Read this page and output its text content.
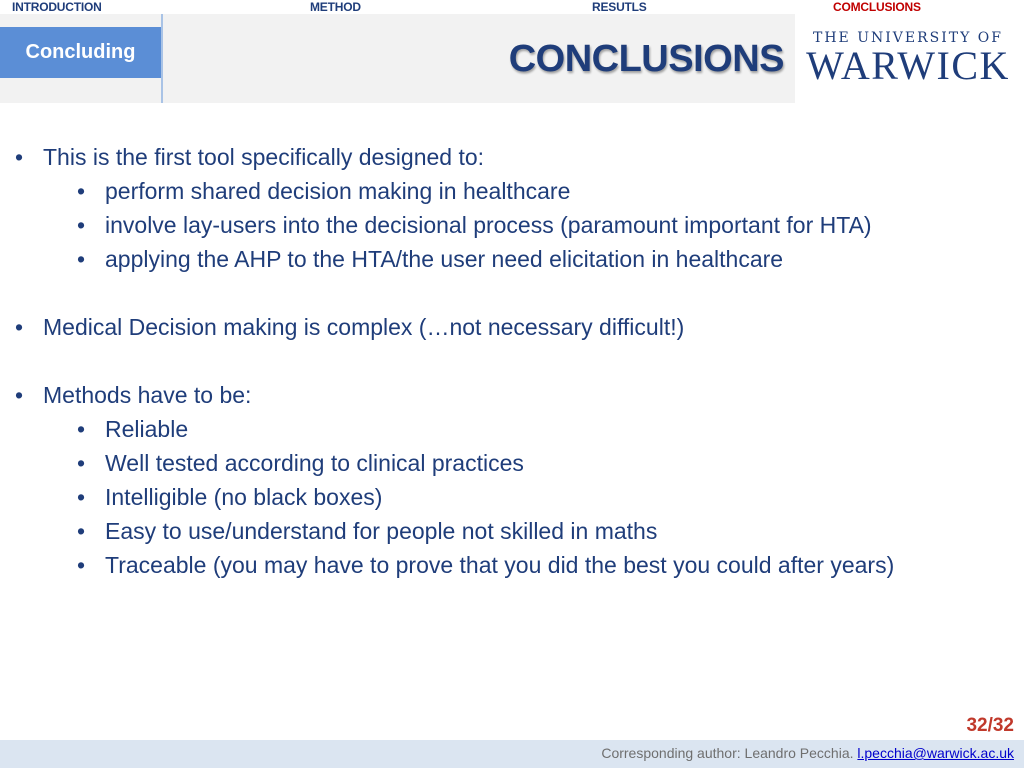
INTRODUCTION	METHOD	RESUTLS	COMCLUSIONS
Concluding	CONCLUSIONS	THE UNIVERSITY OF
WARWICK
• This is the first tool specifically designed to:
• perform shared decision making in healthcare
• involve lay-users into the decisional process (paramount important for HTA)
• applying the AHP to the HTA/the user need elicitation in healthcare
• Medical Decision making is complex (…not necessary difficult!)
• Methods have to be:
• Reliable
• Well tested according to clinical practices
• Intelligible (no black boxes)
• Easy to use/understand for people not skilled in maths
• Traceable (you may have to prove that you did the best you could after years)
32/32
Corresponding author: Leandro Pecchia. l.pecchia@warwick.ac.uk
